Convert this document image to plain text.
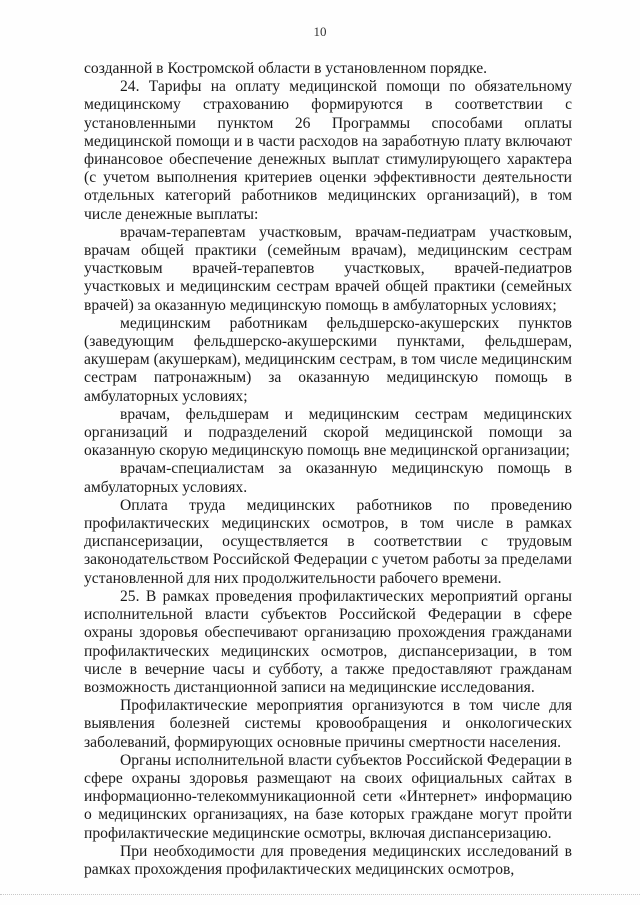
10

созданной в Костромской области в установленном порядке.

24. Тарифы на оплату медицинской помощи по обязательному медицинскому страхованию формируются в соответствии с установленными пунктом 26 Программы способами оплаты медицинской помощи и в части расходов на заработную плату включают финансовое обеспечение денежных выплат стимулирующего характера (с учетом выполнения критериев оценки эффективности деятельности отдельных категорий работников медицинских организаций), в том числе денежные выплаты:

врачам-терапевтам участковым, врачам-педиатрам участковым, врачам общей практики (семейным врачам), медицинским сестрам участковым врачей-терапевтов участковых, врачей-педиатров участковых и медицинским сестрам врачей общей практики (семейных врачей) за оказанную медицинскую помощь в амбулаторных условиях;

медицинским работникам фельдшерско-акушерских пунктов (заведующим фельдшерско-акушерскими пунктами, фельдшерам, акушерам (акушеркам), медицинским сестрам, в том числе медицинским сестрам патронажным) за оказанную медицинскую помощь в амбулаторных условиях;

врачам, фельдшерам и медицинским сестрам медицинских организаций и подразделений скорой медицинской помощи за оказанную скорую медицинскую помощь вне медицинской организации;

врачам-специалистам за оказанную медицинскую помощь в амбулаторных условиях.

Оплата труда медицинских работников по проведению профилактических медицинских осмотров, в том числе в рамках диспансеризации, осуществляется в соответствии с трудовым законодательством Российской Федерации с учетом работы за пределами установленной для них продолжительности рабочего времени.

25. В рамках проведения профилактических мероприятий органы исполнительной власти субъектов Российской Федерации в сфере охраны здоровья обеспечивают организацию прохождения гражданами профилактических медицинских осмотров, диспансеризации, в том числе в вечерние часы и субботу, а также предоставляют гражданам возможность дистанционной записи на медицинские исследования.

Профилактические мероприятия организуются в том числе для выявления болезней системы кровообращения и онкологических заболеваний, формирующих основные причины смертности населения.

Органы исполнительной власти субъектов Российской Федерации в сфере охраны здоровья размещают на своих официальных сайтах в информационно-телекоммуникационной сети «Интернет» информацию о медицинских организациях, на базе которых граждане могут пройти профилактические медицинские осмотры, включая диспансеризацию.

При необходимости для проведения медицинских исследований в рамках прохождения профилактических медицинских осмотров,
